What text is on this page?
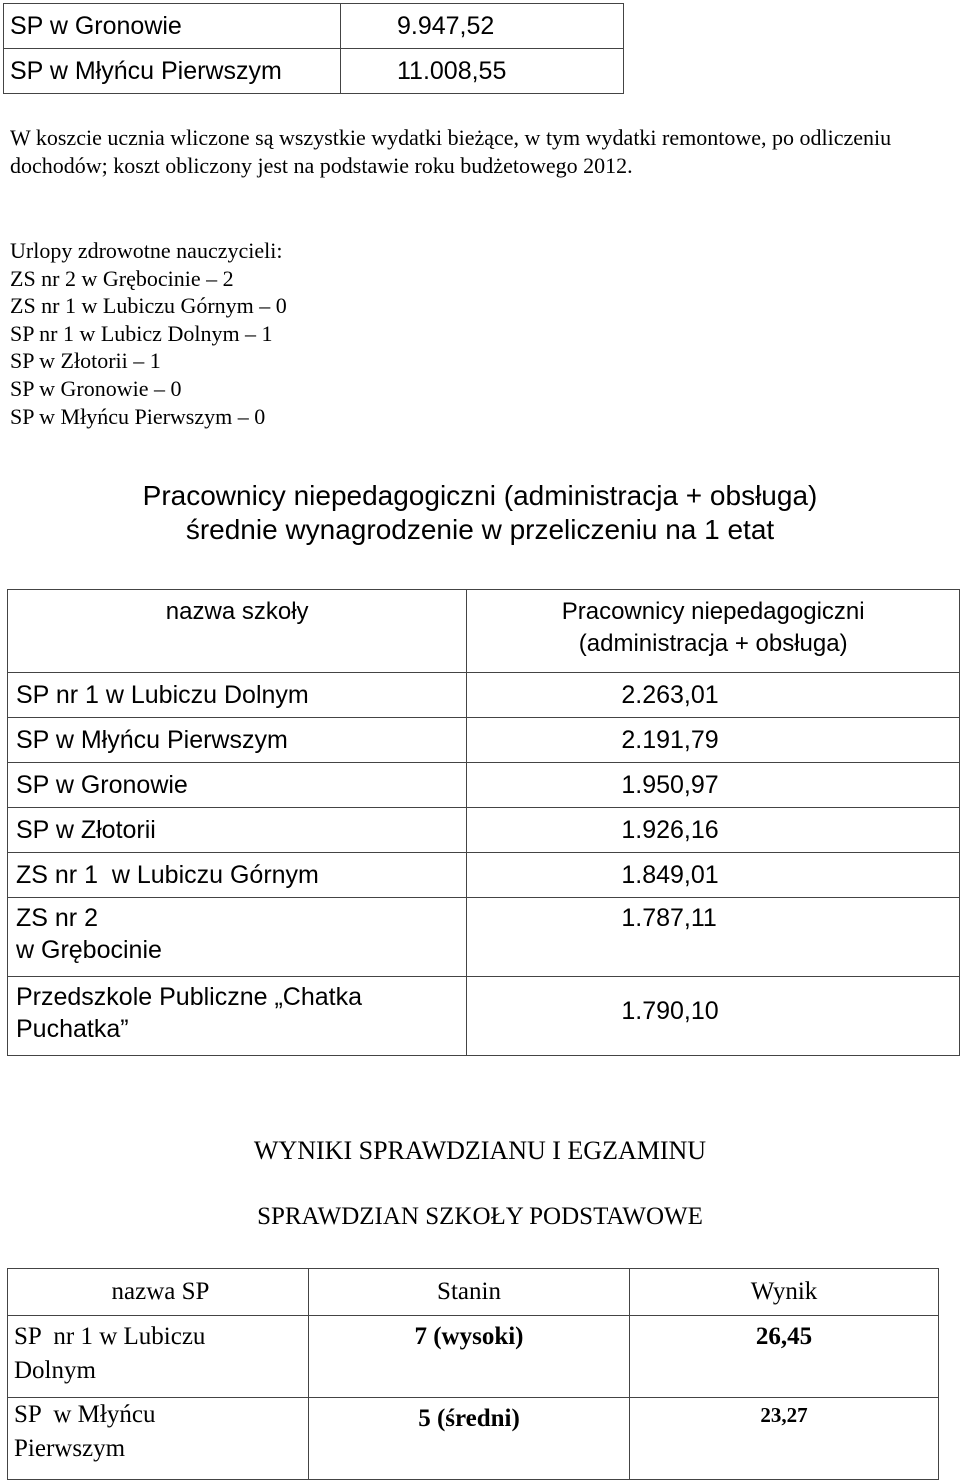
SP w Gronowie	9.947,52
SP w Młyńcu Pierwszym	11.008,55
W koszcie ucznia wliczone są wszystkie wydatki bieżące, w tym wydatki remontowe, po odliczeniu dochodów; koszt obliczony jest na podstawie roku budżetowego 2012.
Urlopy zdrowotne nauczycieli:
ZS nr 2 w Grębocinie – 2
ZS nr 1 w Lubiczu Górnym – 0
SP nr 1 w Lubicz Dolnym – 1
SP w Złotorii – 1
SP w Gronowie – 0
SP w Młyńcu Pierwszym – 0
Pracownicy niepedagogiczni (administracja + obsługa)
średnie wynagrodzenie w przeliczeniu na 1 etat
nazwa szkoły	Pracownicy niepedagogiczni
(administracja + obsługa)

SP nr 1 w Lubiczu Dolnym	2.263,01
SP w Młyńcu Pierwszym	2.191,79
SP w Gronowie	1.950,97
SP w Złotorii	1.926,16
ZS nr 1  w Lubiczu Górnym	1.849,01

ZS nr 2
w Grębocinie	1.787,11

Przedszkole Publiczne „Chatka
Puchatka”	1.790,10
WYNIKI SPRAWDZIANU I EGZAMINU
SPRAWDZIAN SZKOŁY PODSTAWOWE
nazwa SP	Stanin	Wynik

SP  nr 1 w Lubiczu
Dolnym	7 (wysoki)	26,45

SP  w Młyńcu
Pierwszym	5 (średni)	23,27
